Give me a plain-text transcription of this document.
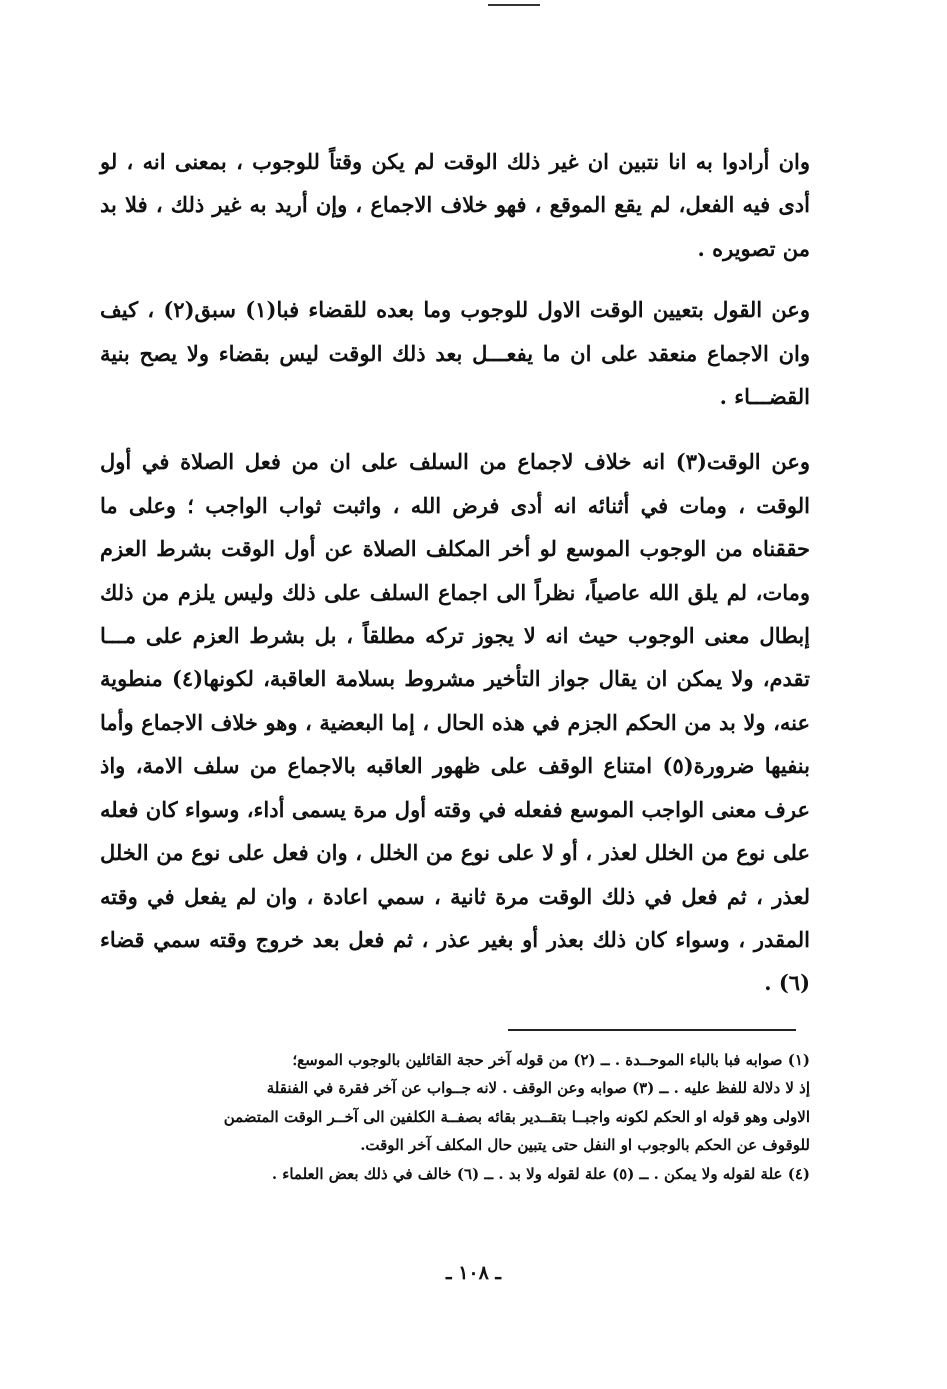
وان أرادوا به انا نتبين ان غير ذلك الوقت لم يكن وقتاً للوجوب ، بمعنى انه ، لو أدى فيه الفعل، لم يقع الموقع ، فهو خلاف الاجماع ، وإن أريد به غير ذلك ، فلا بد من تصويره .

وعن القول بتعيين الوقت الاول للوجوب وما بعده للقضاء فبا(١) سبق(٢) ، كيف وان الاجماع منعقد على ان ما يفعـــل بعد ذلك الوقت ليس بقضاء ولا يصح بنية القضـــاء .

وعن الوقت(٣) انه خلاف لاجماع من السلف على ان من فعل الصلاة في أول الوقت ، ومات في أثنائه انه أدى فرض الله ، واثبت ثواب الواجب ؛ وعلى ما حققناه من الوجوب الموسع لو أخر المكلف الصلاة عن أول الوقت بشرط العزم ومات، لم يلق الله عاصياً، نظراً الى اجماع السلف على ذلك وليس يلزم من ذلك إبطال معنى الوجوب حيث انه لا يجوز تركه مطلقاً ، بل بشرط العزم على مـــا تقدم، ولا يمكن ان يقال جواز التأخير مشروط بسلامة العاقبة، لكونها(٤) منطوية عنه، ولا بد من الحكم الجزم في هذه الحال ، إما البعضية ، وهو خلاف الاجماع وأما بنفيها ضرورة(٥) امتناع الوقف على ظهور العاقبه بالاجماع من سلف الامة، واذ عرف معنى الواجب الموسع ففعله في وقته أول مرة يسمى أداء، وسواء كان فعله على نوع من الخلل لعذر ، أو لا على نوع من الخلل ، وان فعل على نوع من الخلل لعذر ، ثم فعل في ذلك الوقت مرة ثانية ، سمي اعادة ، وان لم يفعل في وقته المقدر ، وسواء كان ذلك بعذر أو بغير عذر ، ثم فعل بعد خروج وقته سمي قضاء (٦) .

(١) صوابه فبا بالباء الموحــدة . ــ (٢) من قوله آخر حجة القائلين بالوجوب الموسع؛

إذ لا دلالة للفظ عليه . ــ (٣) صوابه وعن الوقف . لانه جــواب عن آخر فقرة في الفنقلة

الاولى وهو قوله او الحكم لكونه واجبــا بتقــدير بقائه بصفــة الكلفين الى آخــر الوقت المتضمن

للوقوف عن الحكم بالوجوب او النفل حتى يتبين حال المكلف آخر الوقت.

(٤) علة لقوله ولا يمكن . ــ (٥) علة لقوله ولا بد . ــ (٦) خالف في ذلك بعض العلماء .

ـ ١٠٨ ـ
